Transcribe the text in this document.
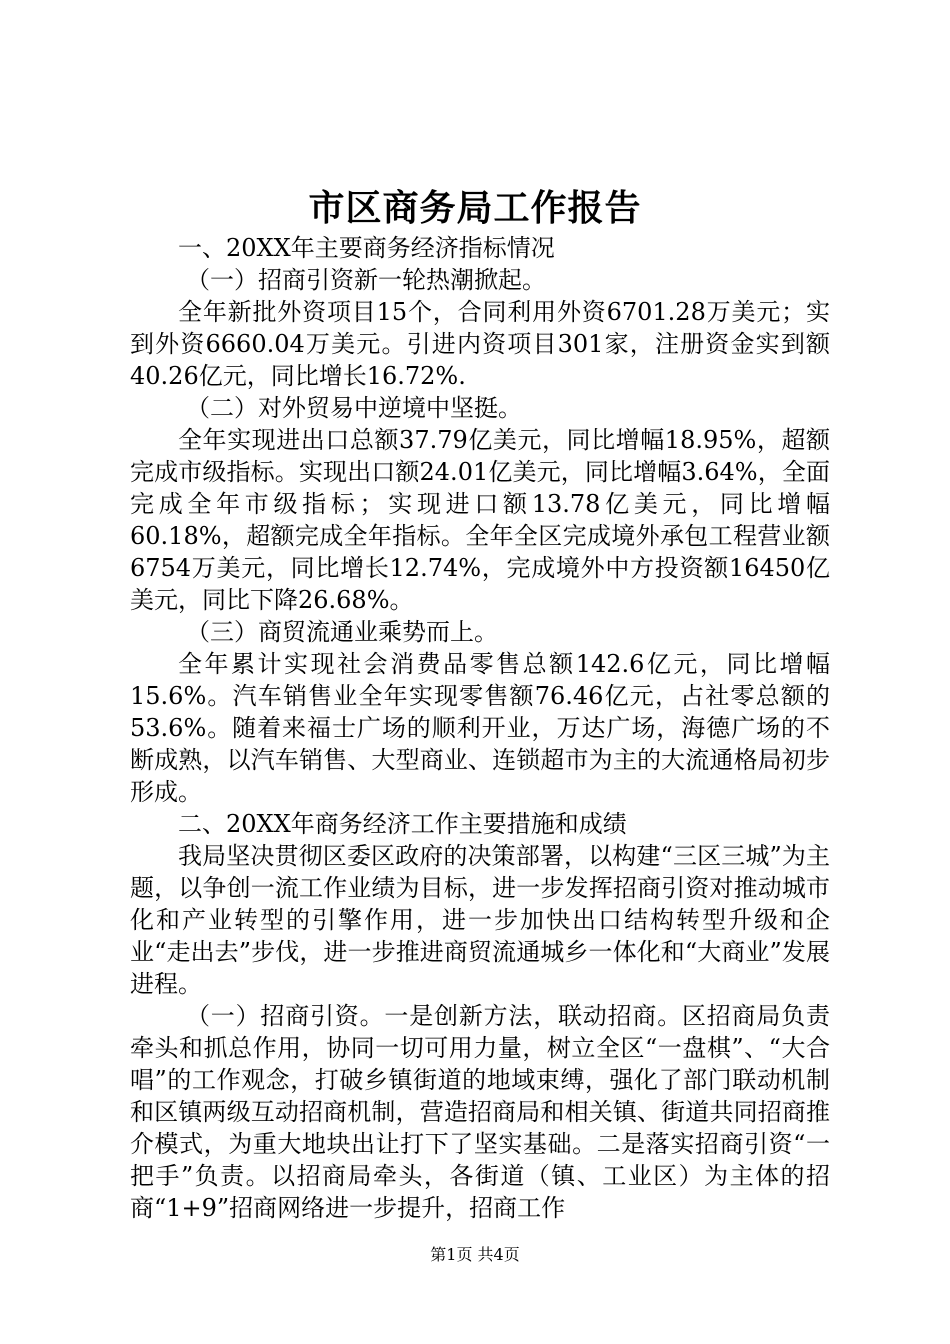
市区商务局工作报告

一、20XX年主要商务经济指标情况

（一）招商引资新一轮热潮掀起。

全年新批外资项目15个，合同利用外资6701.28万美元；实到外资6660.04万美元。引进内资项目301家，注册资金实到额40.26亿元，同比增长16.72%.

（二）对外贸易中逆境中坚挺。

全年实现进出口总额37.79亿美元，同比增幅18.95%，超额完成市级指标。实现出口额24.01亿美元，同比增幅3.64%，全面完成全年市级指标；实现进口额13.78亿美元，同比增幅60.18%，超额完成全年指标。全年全区完成境外承包工程营业额6754万美元，同比增长12.74%，完成境外中方投资额16450亿美元，同比下降26.68%。

（三）商贸流通业乘势而上。

全年累计实现社会消费品零售总额142.6亿元，同比增幅15.6%。汽车销售业全年实现零售额76.46亿元，占社零总额的53.6%。随着来福士广场的顺利开业，万达广场，海德广场的不断成熟，以汽车销售、大型商业、连锁超市为主的大流通格局初步形成。

二、20XX年商务经济工作主要措施和成绩

我局坚决贯彻区委区政府的决策部署，以构建“三区三城”为主题，以争创一流工作业绩为目标，进一步发挥招商引资对推动城市化和产业转型的引擎作用，进一步加快出口结构转型升级和企业“走出去”步伐，进一步推进商贸流通城乡一体化和“大商业”发展进程。

（一）招商引资。一是创新方法，联动招商。区招商局负责牵头和抓总作用，协同一切可用力量，树立全区“一盘棋”、“大合唱”的工作观念，打破乡镇街道的地域束缚，强化了部门联动机制和区镇两级互动招商机制，营造招商局和相关镇、街道共同招商推介模式，为重大地块出让打下了坚实基础。二是落实招商引资“一把手”负责。以招商局牵头，各街道（镇、工业区）为主体的招商“1+9”招商网络进一步提升，招商工作

第1页 共4页
